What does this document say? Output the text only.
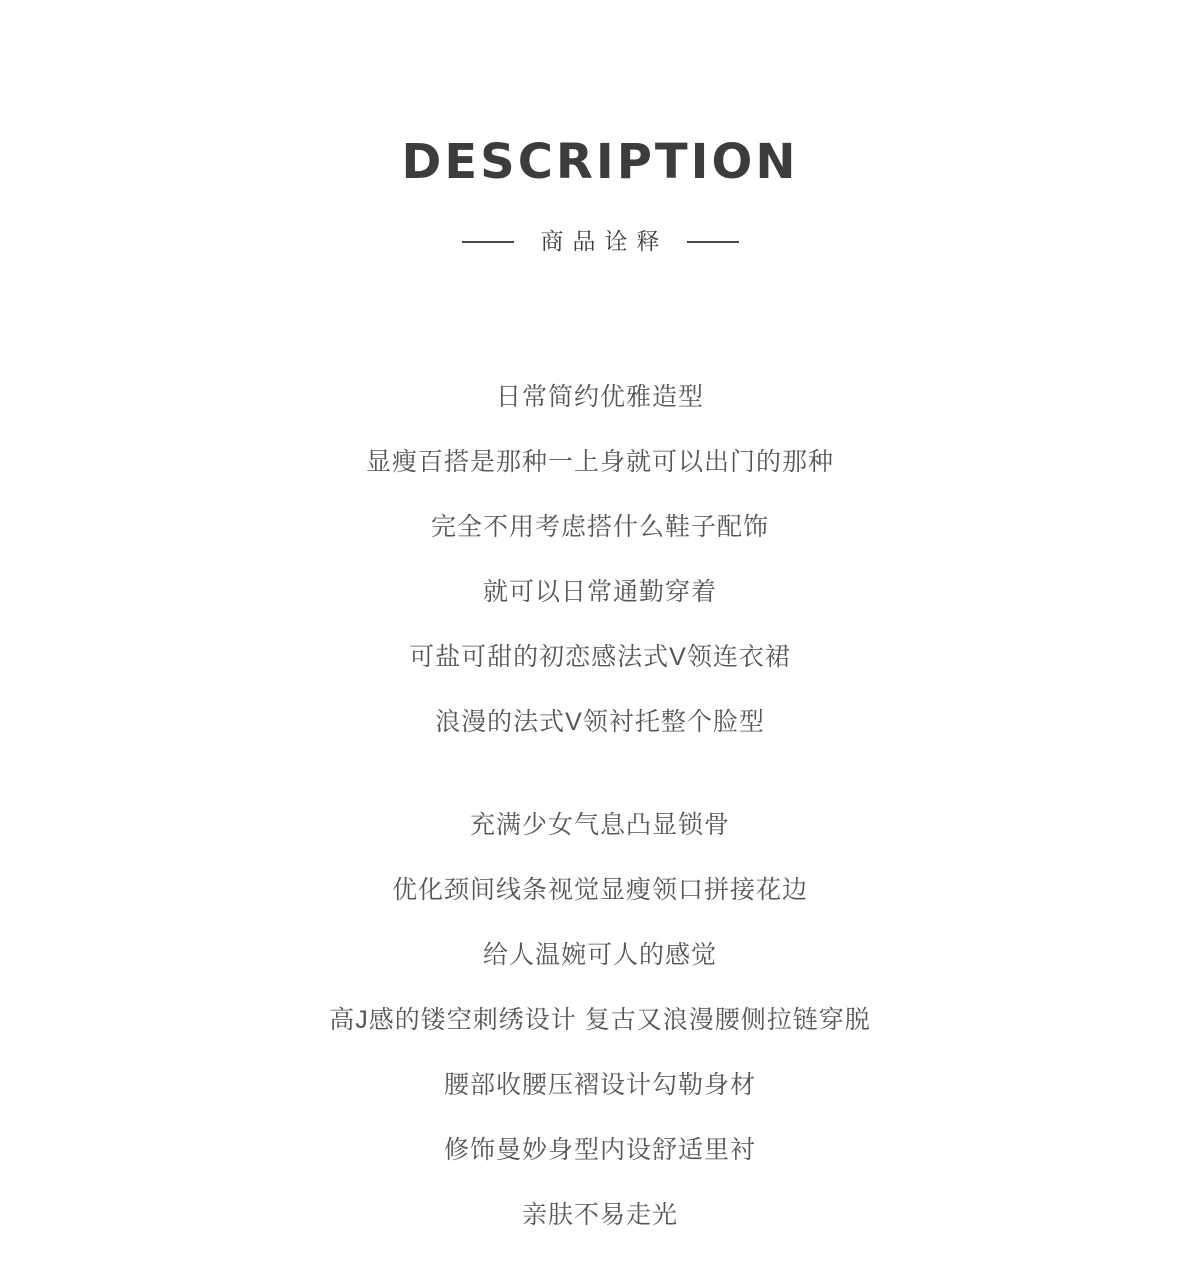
DESCRIPTION
商品诠释
日常简约优雅造型
显瘦百搭是那种一上身就可以出门的那种
完全不用考虑搭什么鞋子配饰
就可以日常通勤穿着
可盐可甜的初恋感法式V领连衣裙
浪漫的法式V领衬托整个脸型
充满少女气息凸显锁骨
优化颈间线条视觉显瘦领口拼接花边
给人温婉可人的感觉
高J感的镂空刺绣设计 复古又浪漫腰侧拉链穿脱
腰部收腰压褶设计勾勒身材
修饰曼妙身型内设舒适里衬
亲肤不易走光
